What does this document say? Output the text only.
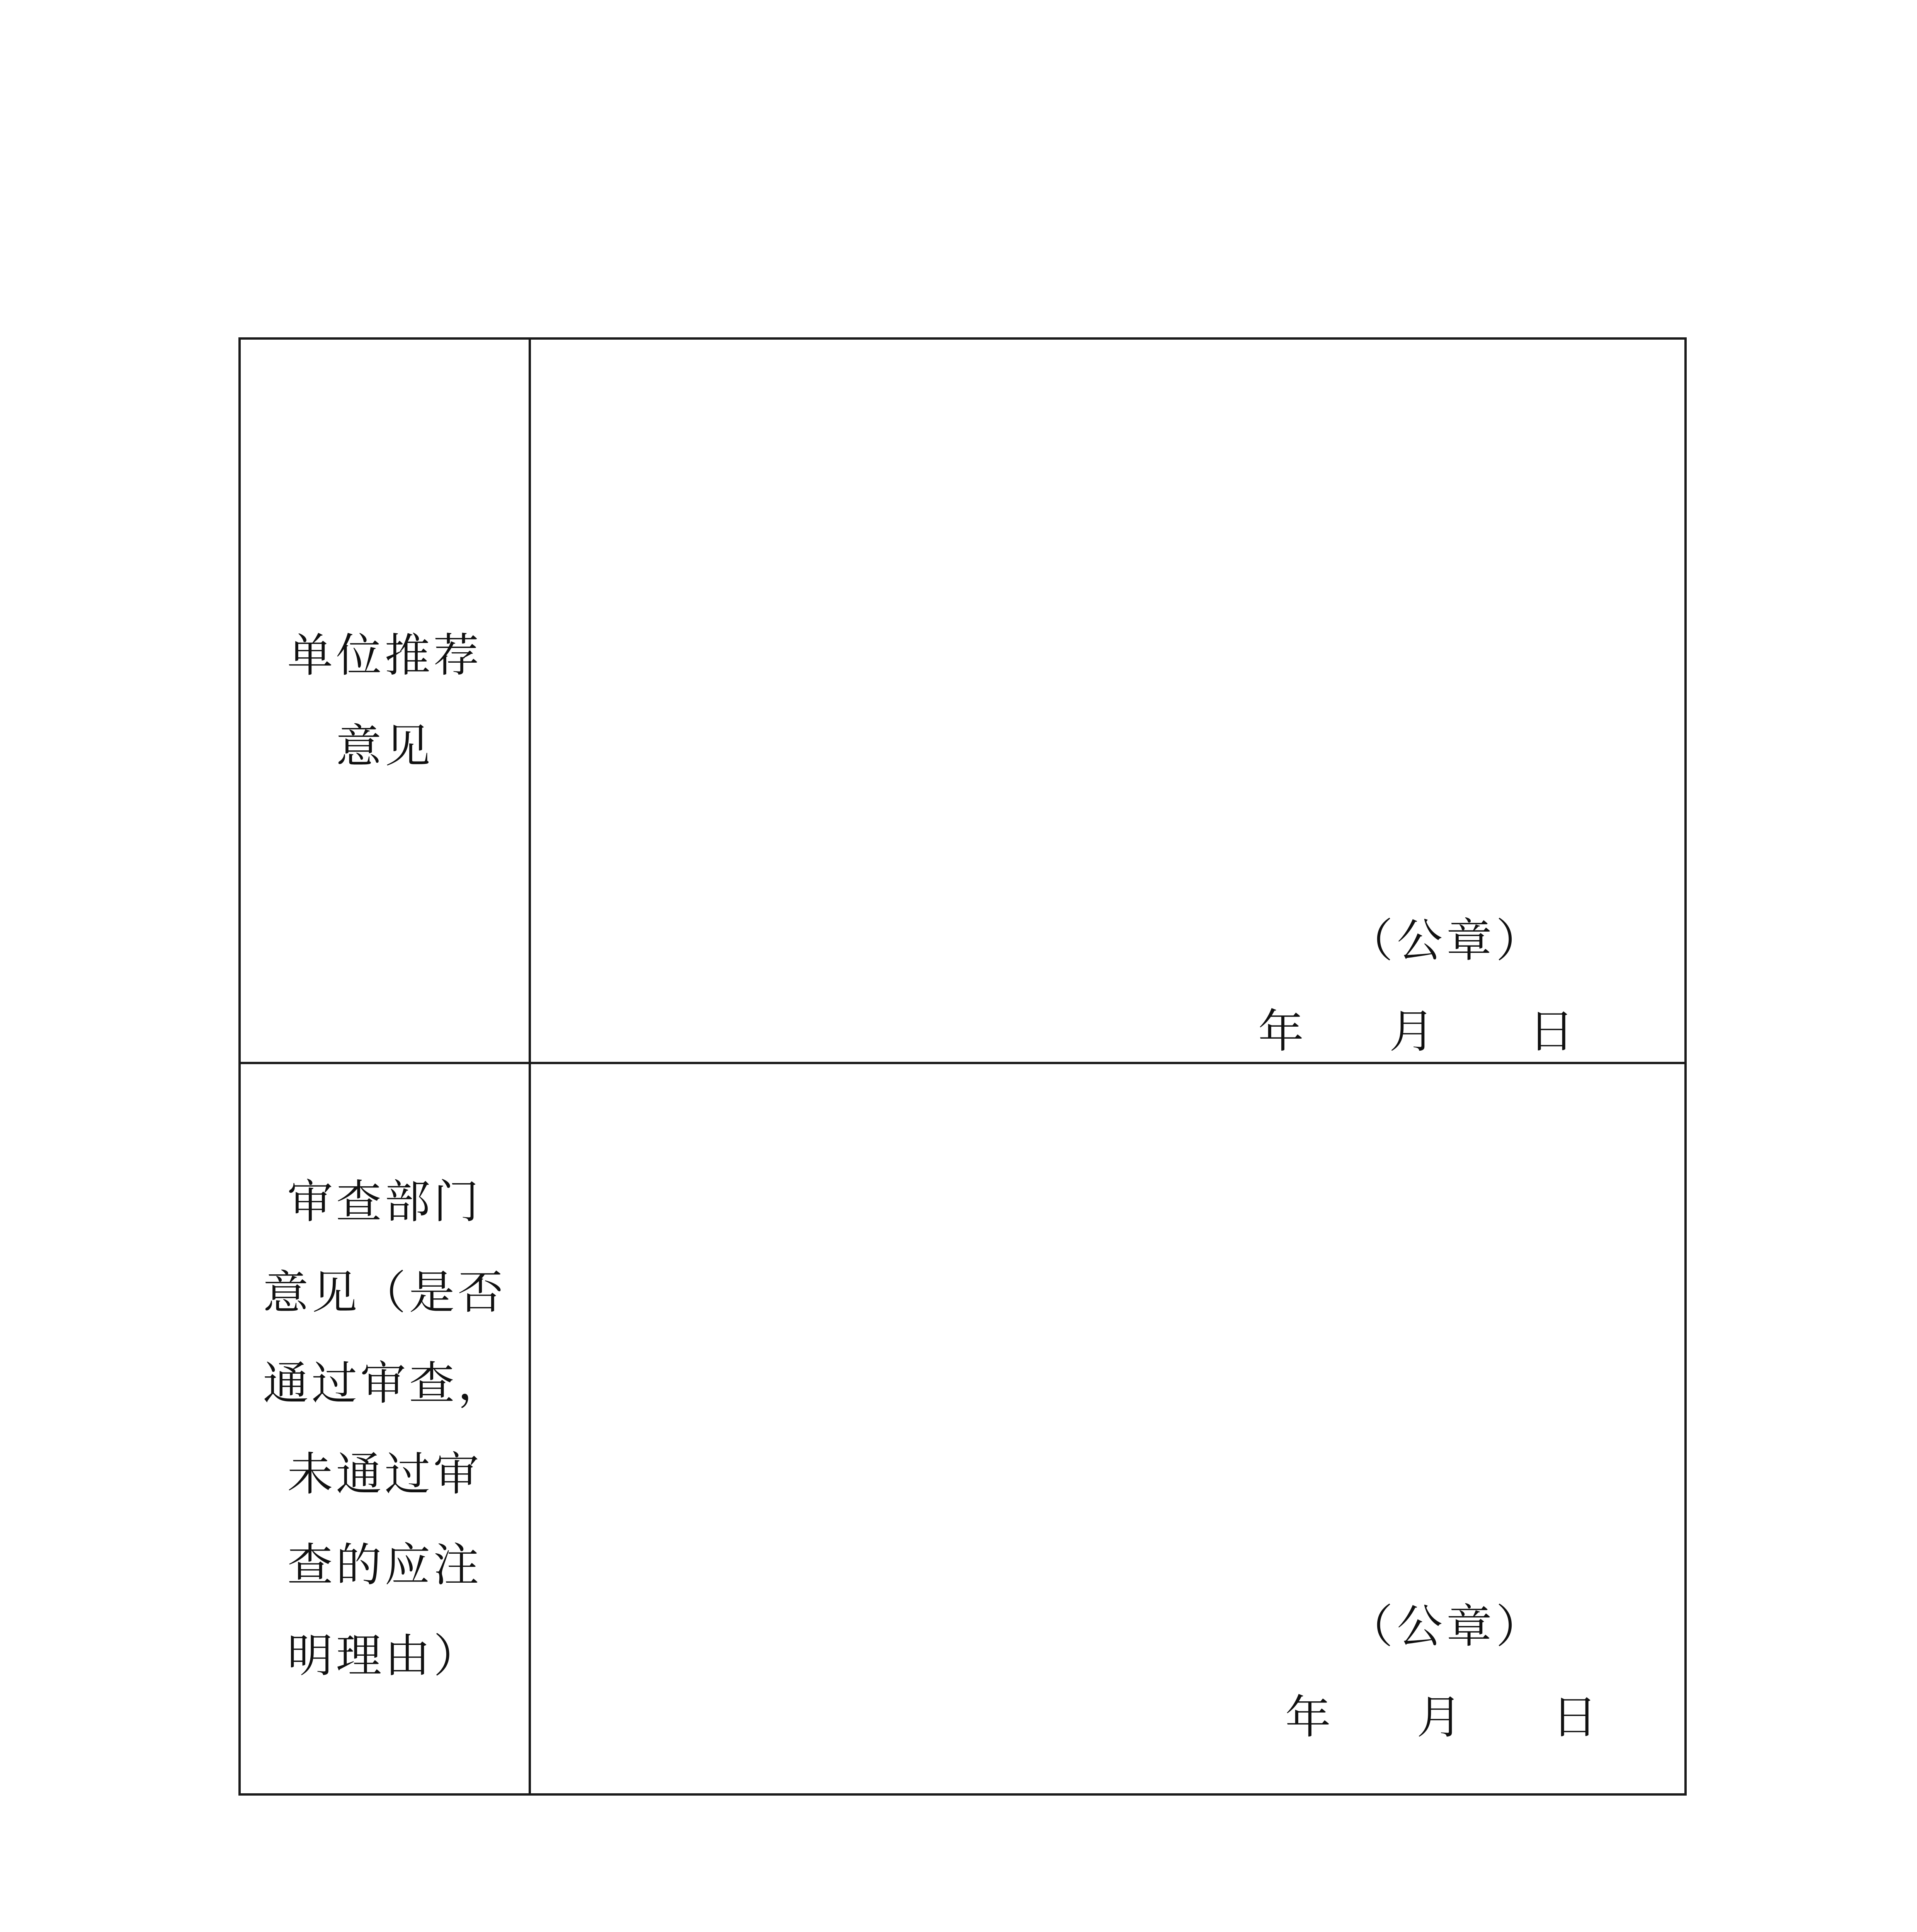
单位推荐
意见
（公章）
年 月 日
审查部门
意见（是否
通过审查，
未通过审
查的应注
明理由）
（公章）
年 月 日
